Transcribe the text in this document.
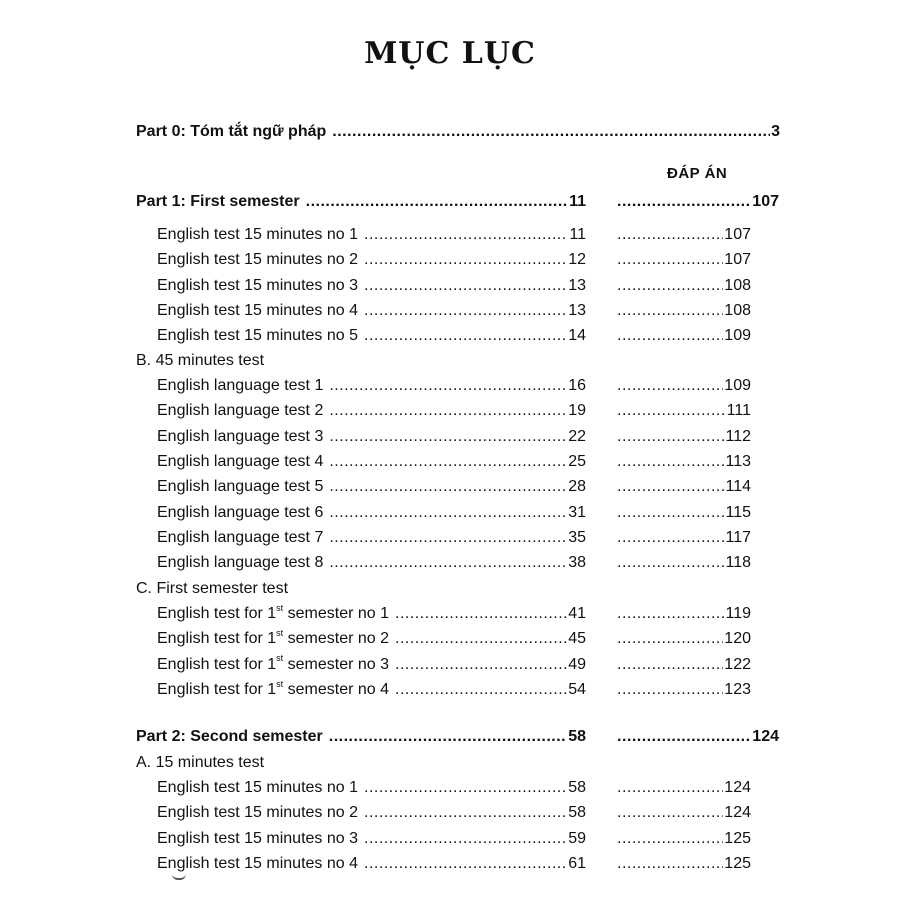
MỤC LỤC
Part 0: Tóm tắt ngữ pháp .....	3
ĐÁP ÁN
Part 1: First semester .....	11 .....	107
English test 15 minutes no 1 .....	11 .....	107
English test 15 minutes no 2 .....	12 .....	107
English test 15 minutes no 3 .....	13 .....	108
English test 15 minutes no 4 .....	13 .....	108
English test 15 minutes no 5 .....	14 .....	109
B. 45 minutes test
English language test 1 .....	16 .....	109
English language test 2 .....	19 .....	111
English language test 3 .....	22 .....	112
English language test 4 .....	25 .....	113
English language test 5 .....	28 .....	114
English language test 6 .....	31 .....	115
English language test 7 .....	35 .....	117
English language test 8 .....	38 .....	118
C. First semester test
English test for 1st semester no 1 .....	41 .....	119
English test for 1st semester no 2 .....	45 .....	120
English test for 1st semester no 3 .....	49 .....	122
English test for 1st semester no 4 .....	54 .....	123
Part 2: Second semester .....	58 .....	124
A. 15 minutes test
English test 15 minutes no 1 .....	58 .....	124
English test 15 minutes no 2 .....	58 .....	124
English test 15 minutes no 3 .....	59 .....	125
English test 15 minutes no 4 .....	61 .....	125
